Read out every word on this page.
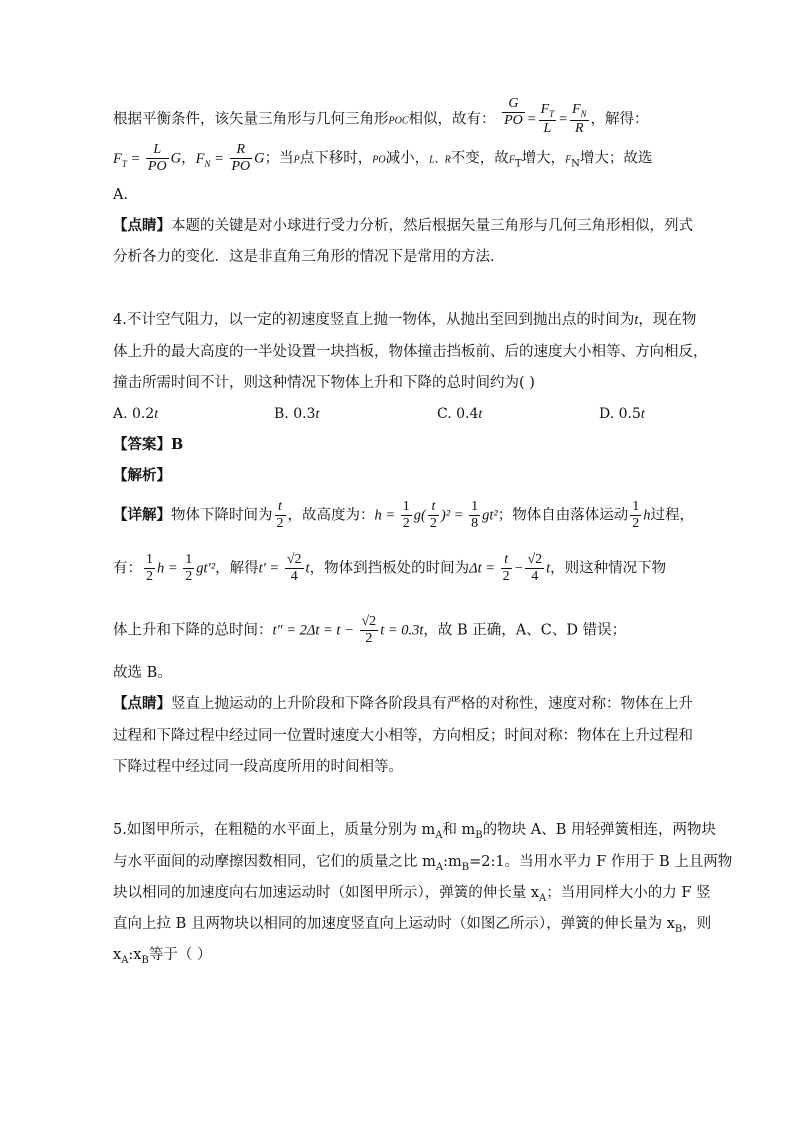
根据平衡条件，该矢量三角形与几何三角形POC相似，故有： $\frac{G}{PO} = \frac{F_T}{L} = \frac{F_N}{R}$ ，解得：
$F_T = \frac{L}{PO}$ G，$F_N = \frac{R}{PO}$ G；当P点下移时，PO减小，L、R不变，故$F_T$增大，$F_N$增大；故选
A.
【点睛】本题的关键是对小球进行受力分析，然后根据矢量三角形与几何三角形相似，列式
分析各力的变化．这是非直角三角形的情况下是常用的方法．
4.不计空气阻力，以一定的初速度竖直上抛一物体，从抛出至回到抛出点的时间为t，现在物
体上升的最大高度的一半处设置一块挡板，物体撞击挡板前、后的速度大小相等、方向相反，
撞击所需时间不计，则这种情况下物体上升和下降的总时间约为( )
A. 0.2t	B. 0.3t	C. 0.4t	D. 0.5t
【答案】B
【解析】
【详解】物体下降时间为 $\frac{t}{2}$ ，故高度为：$h = \frac{1}{2} g( \frac{t}{2} )^2 = \frac{1}{8} gt^2$；物体自由落体运动 $\frac{1}{2}$ h过程，
有： $\frac{1}{2}$ $h = \frac{1}{2} gt'^2$，解得$t' = \frac{√2}{4}$ t，物体到挡板处的时间为$\Delta t = \frac{t}{2} - \frac{√2}{4}$ t，则这种情况下物
体上升和下降的总时间：$t'' = 2\Delta t = t - \frac{√2}{2}$ t = 0.3t，故 B 正确，A、C、D 错误；
故选 B。
【点睛】竖直上抛运动的上升阶段和下降各阶段具有严格的对称性，速度对称：物体在上升
过程和下降过程中经过同一位置时速度大小相等，方向相反；时间对称：物体在上升过程和
下降过程中经过同一段高度所用的时间相等。
5.如图甲所示，在粗糙的水平面上，质量分别为 $m_A$和 $m_B$的物块 A、B 用轻弹簧相连，两物块
与水平面间的动摩擦因数相同，它们的质量之比 $m_A:m_B=2:1$。当用水平力 F 作用于 B 上且两物
块以相同的加速度向右加速运动时（如图甲所示），弹簧的伸长量 $x_A$；当用同样大小的力 F 竖
直向上拉 B 且两物块以相同的加速度竖直向上运动时（如图乙所示），弹簧的伸长量为 $x_B$，则
$x_A:x_B$等于（ ）
